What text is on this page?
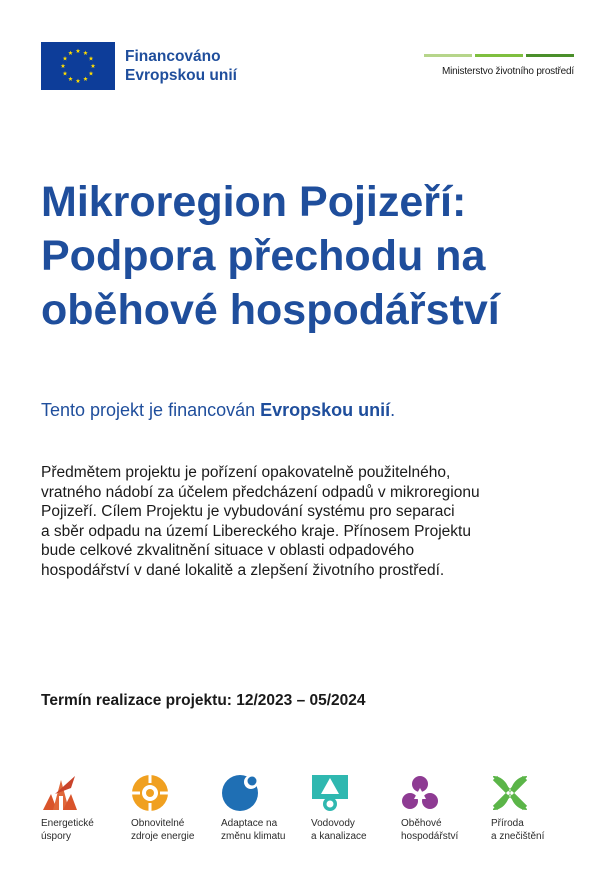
Financováno
Evropskou unií	Ministerstvo životního prostředí
Mikroregion Pojizeří:
Podpora přechodu na
oběhové hospodářství
Tento projekt je financován Evropskou unií.
Předmětem projektu je pořízení opakovatelně použitelného,
vratného nádobí za účelem předcházení odpadů v mikroregionu
Pojizeří. Cílem Projektu je vybudování systému pro separaci
a sběr odpadu na území Libereckého kraje. Přínosem Projektu
bude celkové zkvalitnění situace v oblasti odpadového
hospodářství v dané lokalitě a zlepšení životního prostředí.
Termín realizace projektu: 12/2023 – 05/2024
Energetické
úspory
Obnovitelné
zdroje energie
Adaptace na
změnu klimatu
Vodovody
a kanalizace
Oběhové
hospodářství
Příroda
a znečištění
